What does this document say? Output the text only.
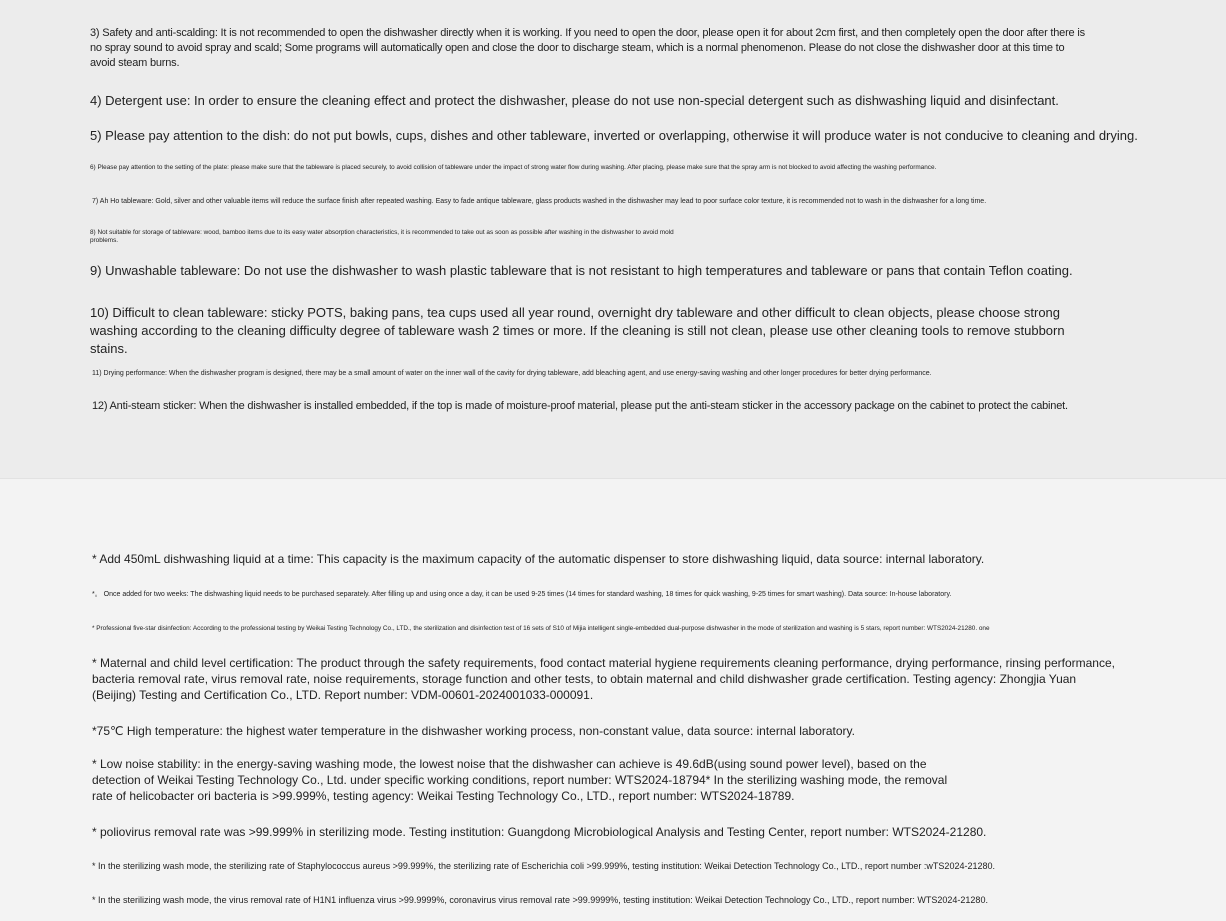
3) Safety and anti-scalding: It is not recommended to open the dishwasher directly when it is working. If you need to open the door, please open it for about 2cm first, and then completely open the door after there is no spray sound to avoid spray and scald; Some programs will automatically open and close the door to discharge steam, which is a normal phenomenon. Please do not close the dishwasher door at this time to avoid steam burns.

4) Detergent use: In order to ensure the cleaning effect and protect the dishwasher, please do not use non-special detergent such as dishwashing liquid and disinfectant.

5) Please pay attention to the dish: do not put bowls, cups, dishes and other tableware, inverted or overlapping, otherwise it will produce water is not conducive to cleaning and drying.

6) Please pay attention to the setting of the plate: please make sure that the tableware is placed securely, to avoid collision of tableware under the impact of strong water flow during washing. After placing, please make sure that the spray arm is not blocked to avoid affecting the washing performance.

7) Ah Ho tableware: Gold, silver and other valuable items will reduce the surface finish after repeated washing. Easy to fade antique tableware, glass products washed in the dishwasher may lead to poor surface color texture, it is recommended not to wash in the dishwasher for a long time.

8) Not suitable for storage of tableware: wood, bamboo items due to its easy water absorption characteristics, it is recommended to take out as soon as possible after washing in the dishwasher to avoid mold problems.

9) Unwashable tableware: Do not use the dishwasher to wash plastic tableware that is not resistant to high temperatures and tableware or pans that contain Teflon coating.

10) Difficult to clean tableware: sticky POTS, baking pans, tea cups used all year round, overnight dry tableware and other difficult to clean objects, please choose strong washing according to the cleaning difficulty degree of tableware wash 2 times or more. If the cleaning is still not clean, please use other cleaning tools to remove stubborn stains.

11) Drying performance: When the dishwasher program is designed, there may be a small amount of water on the inner wall of the cavity for drying tableware, add bleaching agent, and use energy-saving washing and other longer procedures for better drying performance.

12) Anti-steam sticker: When the dishwasher is installed embedded, if the top is made of moisture-proof material, please put the anti-steam sticker in the accessory package on the cabinet to protect the cabinet.

* Add 450mL dishwashing liquid at a time: This capacity is the maximum capacity of the automatic dispenser to store dishwashing liquid, data source: internal laboratory.

*。 Once added for two weeks: The dishwashing liquid needs to be purchased separately. After filling up and using once a day, it can be used 9-25 times (14 times for standard washing, 18 times for quick washing, 9-25 times for smart washing). Data source: In-house laboratory.

* Professional five-star disinfection: According to the professional testing by Weikai Testing Technology Co., LTD., the sterilization and disinfection test of 16 sets of S10 of Mijia intelligent single-embedded dual-purpose dishwasher in the mode of sterilization and washing is 5 stars, report number: WTS2024-21280. one

* Maternal and child level certification: The product through the safety requirements, food contact material hygiene requirements cleaning performance, drying performance, rinsing performance, bacteria removal rate, virus removal rate, noise requirements, storage function and other tests, to obtain maternal and child dishwasher grade certification. Testing agency: Zhongjia Yuan (Beijing) Testing and Certification Co., LTD. Report number: VDM-00601-2024001033-000091.

*75℃ High temperature: the highest water temperature in the dishwasher working process, non-constant value, data source: internal laboratory.

* Low noise stability: in the energy-saving washing mode, the lowest noise that the dishwasher can achieve is 49.6dB(using sound power level), based on the detection of Weikai Testing Technology Co., Ltd. under specific working conditions, report number: WTS2024-18794* In the sterilizing washing mode, the removal rate of helicobacter ori bacteria is >99.999%, testing agency: Weikai Testing Technology Co., LTD., report number: WTS2024-18789.

* poliovirus removal rate was >99.999% in sterilizing mode. Testing institution: Guangdong Microbiological Analysis and Testing Center, report number: WTS2024-21280.

* In the sterilizing wash mode, the sterilizing rate of Staphylococcus aureus >99.999%, the sterilizing rate of Escherichia coli >99.999%, testing institution: Weikai Detection Technology Co., LTD., report number :wTS2024-21280.

* In the sterilizing wash mode, the virus removal rate of H1N1 influenza virus >99.9999%, coronavirus virus removal rate >99.9999%, testing institution: Weikai Detection Technology Co., LTD., report number: WTS2024-21280.
